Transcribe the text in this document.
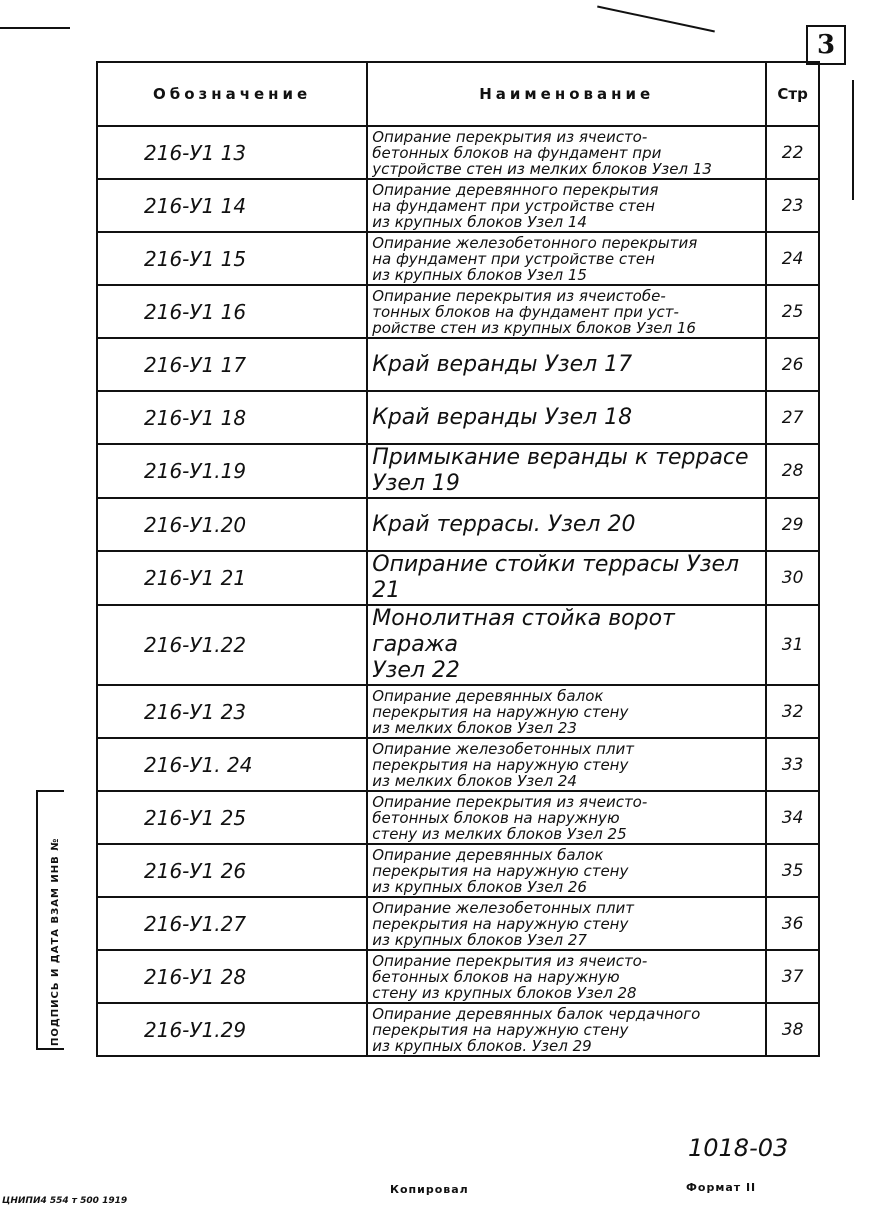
3
Обозначение	Наименование	Стр
216-У1 13	Опирание перекрытия из ячеисто-
бетонных блоков на фундамент при
устройстве стен из мелких блоков Узел 13	22
216-У1 14	Опирание деревянного перекрытия
на фундамент при устройстве стен
из крупных блоков Узел 14	23
216-У1 15	Опирание железобетонного перекрытия
на фундамент при устройстве стен
из крупных блоков Узел 15	24
216-У1 16	Опирание перекрытия из ячеистобе-
тонных блоков на фундамент при уст-
ройстве стен из крупных блоков Узел 16	25
216-У1 17	Край веранды Узел 17	26
216-У1 18	Край веранды Узел 18	27
216-У1.19	Примыкание веранды к террасе
Узел 19	28
216-У1.20	Край террасы. Узел 20	29
216-У1 21	Опирание стойки террасы Узел 21	30
216-У1.22	Монолитная стойка ворот гаража
Узел 22	31
216-У1 23	Опирание деревянных балок
перекрытия на наружную стену
из мелких блоков Узел 23	32
216-У1. 24	Опирание железобетонных плит
перекрытия на наружную стену
из мелких блоков Узел 24	33
216-У1 25	Опирание перекрытия из ячеисто-
бетонных блоков на наружную
стену из мелких блоков Узел 25	34
216-У1 26	Опирание деревянных балок
перекрытия на наружную стену
из крупных блоков Узел 26	35
216-У1.27	Опирание железобетонных плит
перекрытия на наружную стену
из крупных блоков Узел 27	36
216-У1 28	Опирание перекрытия из ячеисто-
бетонных блоков на наружную
стену из крупных блоков Узел 28	37
216-У1.29	Опирание деревянных балок чердачного
перекрытия на наружную стену
из крупных блоков. Узел 29	38
ПОДПИСЬ И ДАТА ВЗАМ ИНВ №
1018-03
Копировал	Формат II
ЦНИПИ4 554 т 500 1919
